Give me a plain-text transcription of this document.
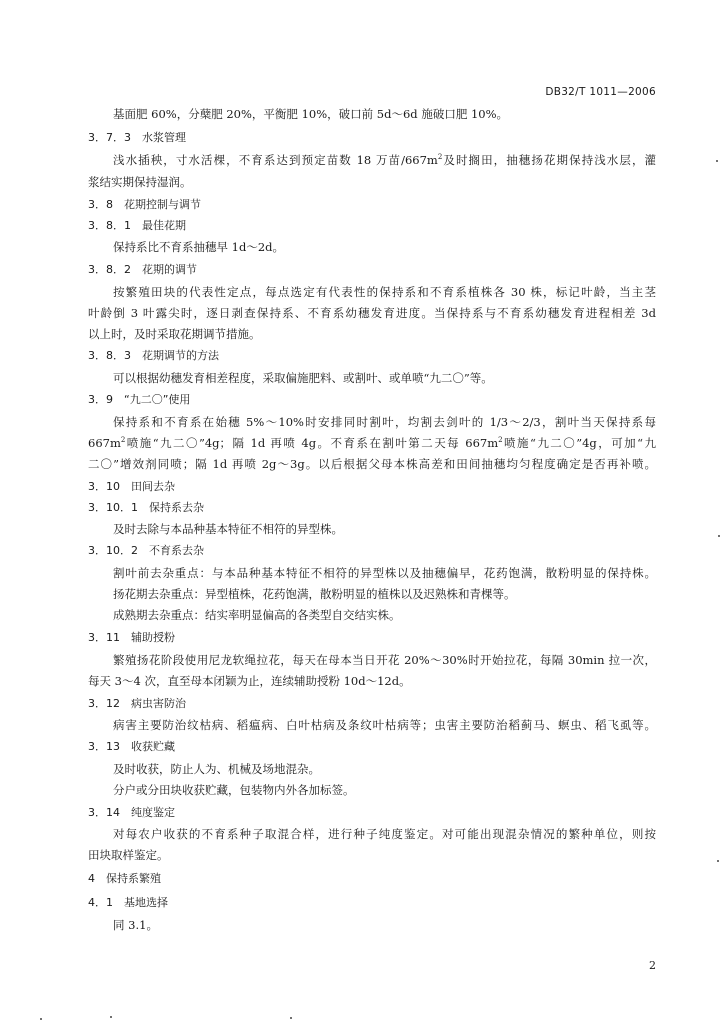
DB32/T 1011—2006
基面肥 60%，分蘖肥 20%，平衡肥 10%，破口前 5d～6d 施破口肥 10%。
3．7．3　水浆管理
浅水插秧，寸水活棵，不育系达到预定苗数 18 万苗$/667m^2$及时搁田，抽穗扬花期保持浅水层，灌
浆结实期保持湿润。
3．8　花期控制与调节
3．8．1　最佳花期
保持系比不育系抽穗早 1d～2d。
3．8．2　花期的调节
按繁殖田块的代表性定点，每点选定有代表性的保持系和不育系植株各 30 株，标记叶龄，当主茎
叶龄倒 3 叶露尖时，逐日剥查保持系、不育系幼穗发育进度。当保持系与不育系幼穗发育进程相差 3d
以上时，及时采取花期调节措施。
3．8．3　花期调节的方法
可以根据幼穗发育相差程度，采取偏施肥料、或割叶、或单喷“九二〇”等。
3．9　“九二〇”使用
保持系和不育系在始穗 5%～10%时安排同时割叶，均割去剑叶的 1/3～2/3，割叶当天保持系每
$667m^2$喷施“九二〇”4g；隔 1d 再喷 4g。不育系在割叶第二天每 $667m^2$喷施“九二〇”4g，可加“九
二〇”增效剂同喷；隔 1d 再喷 2g～3g。以后根据父母本株高差和田间抽穗均匀程度确定是否再补喷。
3．10　田间去杂
3．10．1　保持系去杂
及时去除与本品种基本特征不相符的异型株。
3．10．2　不育系去杂
割叶前去杂重点：与本品种基本特征不相符的异型株以及抽穗偏早，花药饱满，散粉明显的保持株。
扬花期去杂重点：异型植株，花药饱满，散粉明显的植株以及迟熟株和青棵等。
成熟期去杂重点：结实率明显偏高的各类型自交结实株。
3．11　辅助授粉
繁殖扬花阶段使用尼龙软绳拉花，每天在母本当日开花 20%～30%时开始拉花，每隔 30min 拉一次，
每天 3～4 次，直至母本闭颖为止，连续辅助授粉 10d～12d。
3．12　病虫害防治
病害主要防治纹枯病、稻瘟病、白叶枯病及条纹叶枯病等；虫害主要防治稻蓟马、螟虫、稻飞虱等。
3．13　收获贮藏
及时收获，防止人为、机械及场地混杂。
分户或分田块收获贮藏，包装物内外各加标签。
3．14　纯度鉴定
对每农户收获的不育系种子取混合样，进行种子纯度鉴定。对可能出现混杂情况的繁种单位，则按
田块取样鉴定。
4　保持系繁殖
4．1　基地选择
同 3.1。
2
